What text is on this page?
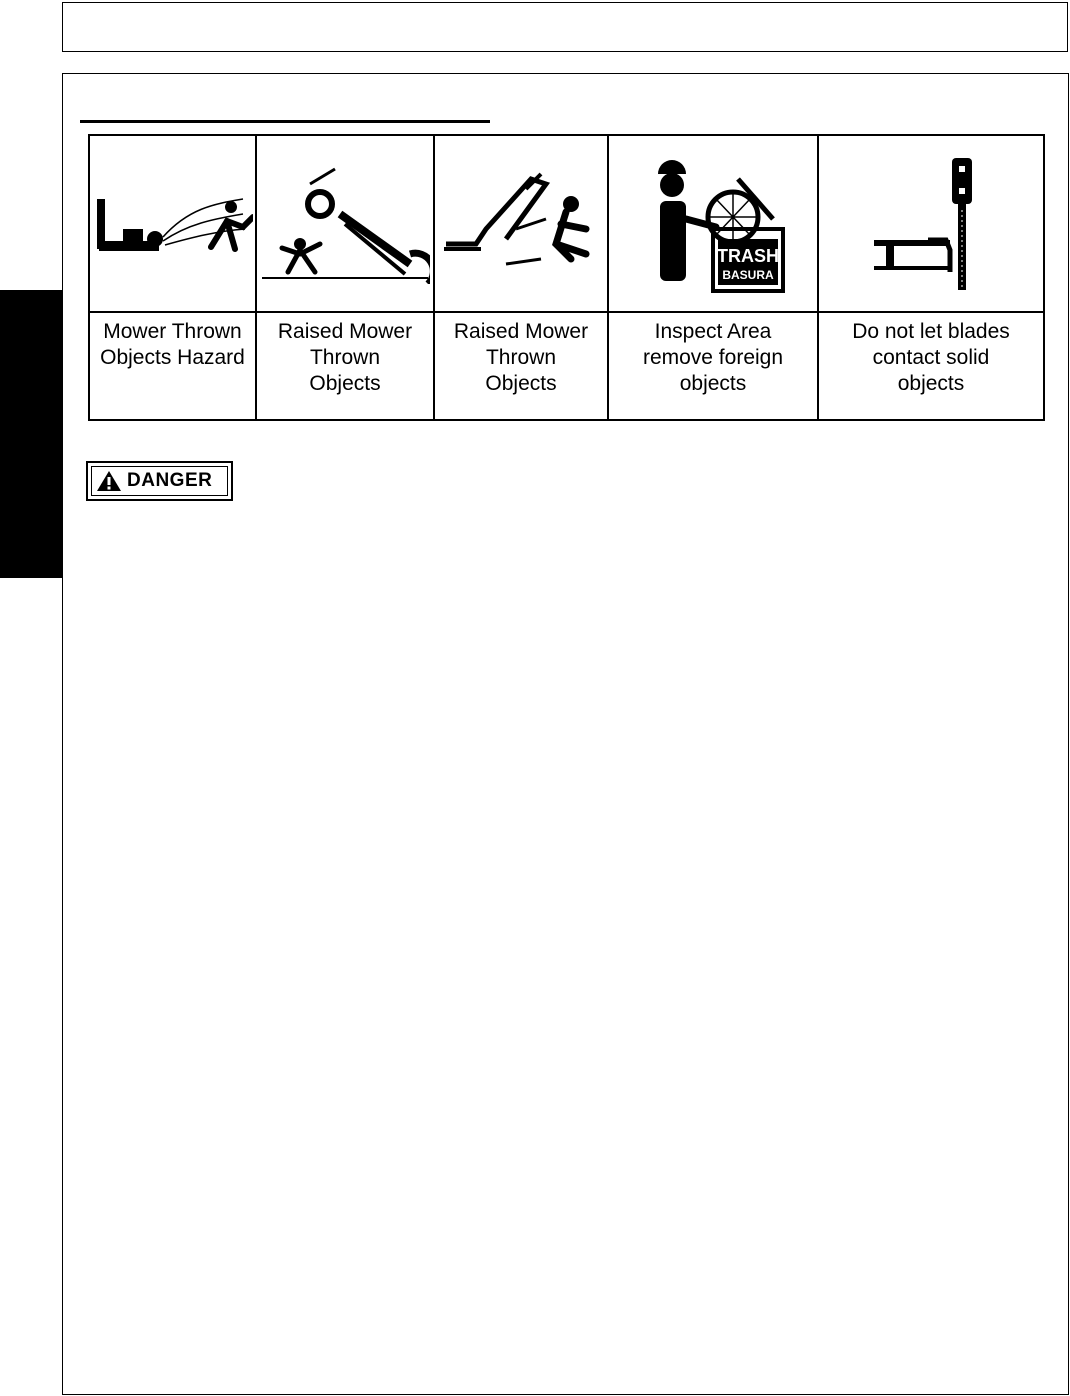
TRASH
BASURA

Mower Thrown
Objects Hazard	Raised Mower
Thrown
Objects	Raised Mower
Thrown
Objects	Inspect Area
remove foreign
objects	Do not let blades
contact solid
objects
DANGER
